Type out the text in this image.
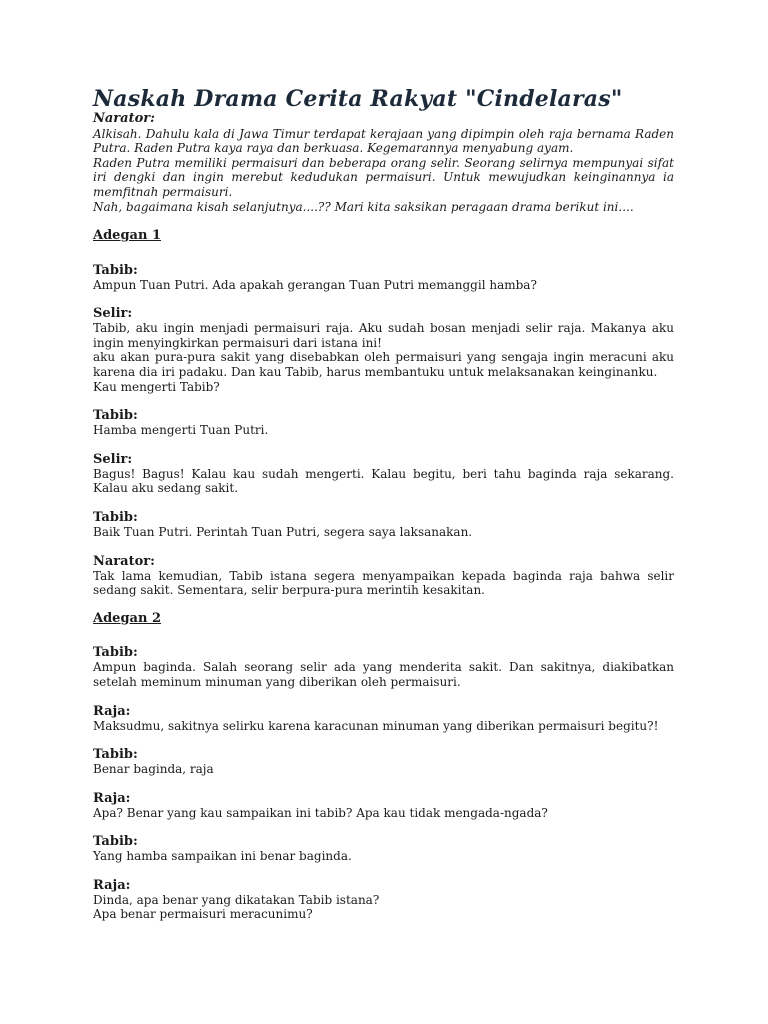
Naskah Drama Cerita Rakyat "Cindelaras"
Narator:

Alkisah. Dahulu kala di Jawa Timur terdapat kerajaan yang dipimpin oleh raja bernama Raden Putra. Raden Putra kaya raya dan berkuasa. Kegemarannya menyabung ayam.

Raden Putra memiliki permaisuri dan beberapa orang selir. Seorang selirnya mempunyai sifat iri dengki dan ingin merebut kedudukan permaisuri. Untuk mewujudkan keinginannya ia memfitnah permaisuri.

Nah, bagaimana kisah selanjutnya....?? Mari kita saksikan peragaan drama berikut ini....

Adegan 1
Tabib:

Ampun Tuan Putri. Ada apakah gerangan Tuan Putri memanggil hamba?

Selir:

Tabib, aku ingin menjadi permaisuri raja. Aku sudah bosan menjadi selir raja. Makanya aku ingin menyingkirkan permaisuri dari istana ini!

aku akan pura-pura sakit yang disebabkan oleh permaisuri yang sengaja ingin meracuni aku karena dia iri padaku. Dan kau Tabib, harus membantuku untuk melaksanakan keinginanku.

Kau mengerti Tabib?

Tabib:

Hamba mengerti Tuan Putri.

Selir:

Bagus! Bagus! Kalau kau sudah mengerti. Kalau begitu, beri tahu baginda raja sekarang. Kalau aku sedang sakit.

Tabib:

Baik Tuan Putri. Perintah Tuan Putri, segera saya laksanakan.

Narator:

Tak lama kemudian, Tabib istana segera menyampaikan kepada baginda raja bahwa selir sedang sakit. Sementara, selir berpura-pura merintih kesakitan.

Adegan 2
Tabib:

Ampun baginda. Salah seorang selir ada yang menderita sakit. Dan sakitnya, diakibatkan setelah meminum minuman yang diberikan oleh permaisuri.

Raja:

Maksudmu, sakitnya selirku karena karacunan minuman yang diberikan permaisuri begitu?!

Tabib:

Benar baginda, raja

Raja:

Apa? Benar yang kau sampaikan ini tabib? Apa kau tidak mengada-ngada?

Tabib:

Yang hamba sampaikan ini benar baginda.

Raja:

Dinda, apa benar yang dikatakan Tabib istana?

Apa benar permaisuri meracunimu?
